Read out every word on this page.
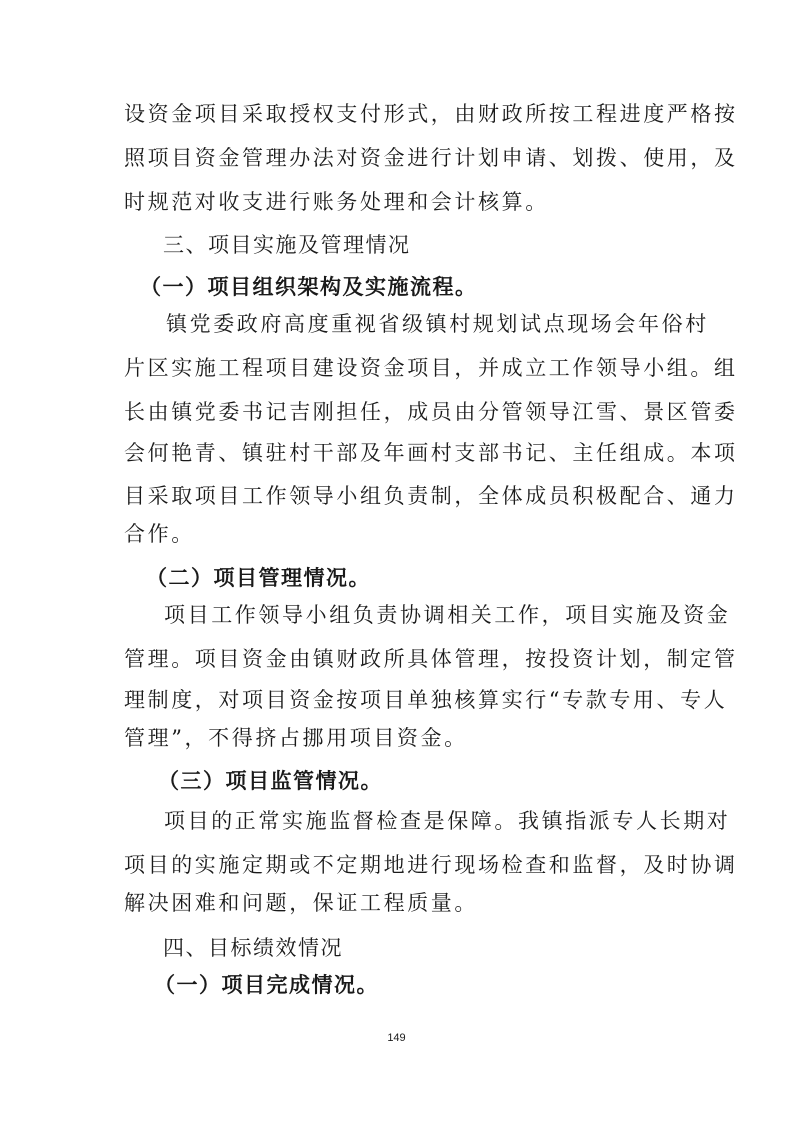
设资金项目采取授权支付形式，由财政所按工程进度严格按
照项目资金管理办法对资金进行计划申请、划拨、使用，及
时规范对收支进行账务处理和会计核算。
三、项目实施及管理情况
（一）项目组织架构及实施流程。
镇党委政府高度重视省级镇村规划试点现场会年俗村
片区实施工程项目建设资金项目，并成立工作领导小组。组
长由镇党委书记吉刚担任，成员由分管领导江雪、景区管委
会何艳青、镇驻村干部及年画村支部书记、主任组成。本项
目采取项目工作领导小组负责制，全体成员积极配合、通力
合作。
（二）项目管理情况。
项目工作领导小组负责协调相关工作，项目实施及资金
管理。项目资金由镇财政所具体管理，按投资计划，制定管
理制度，对项目资金按项目单独核算实行“专款专用、专人
管理”，不得挤占挪用项目资金。
（三）项目监管情况。
项目的正常实施监督检查是保障。我镇指派专人长期对
项目的实施定期或不定期地进行现场检查和监督，及时协调
解决困难和问题，保证工程质量。
四、目标绩效情况
（一）项目完成情况。
149
